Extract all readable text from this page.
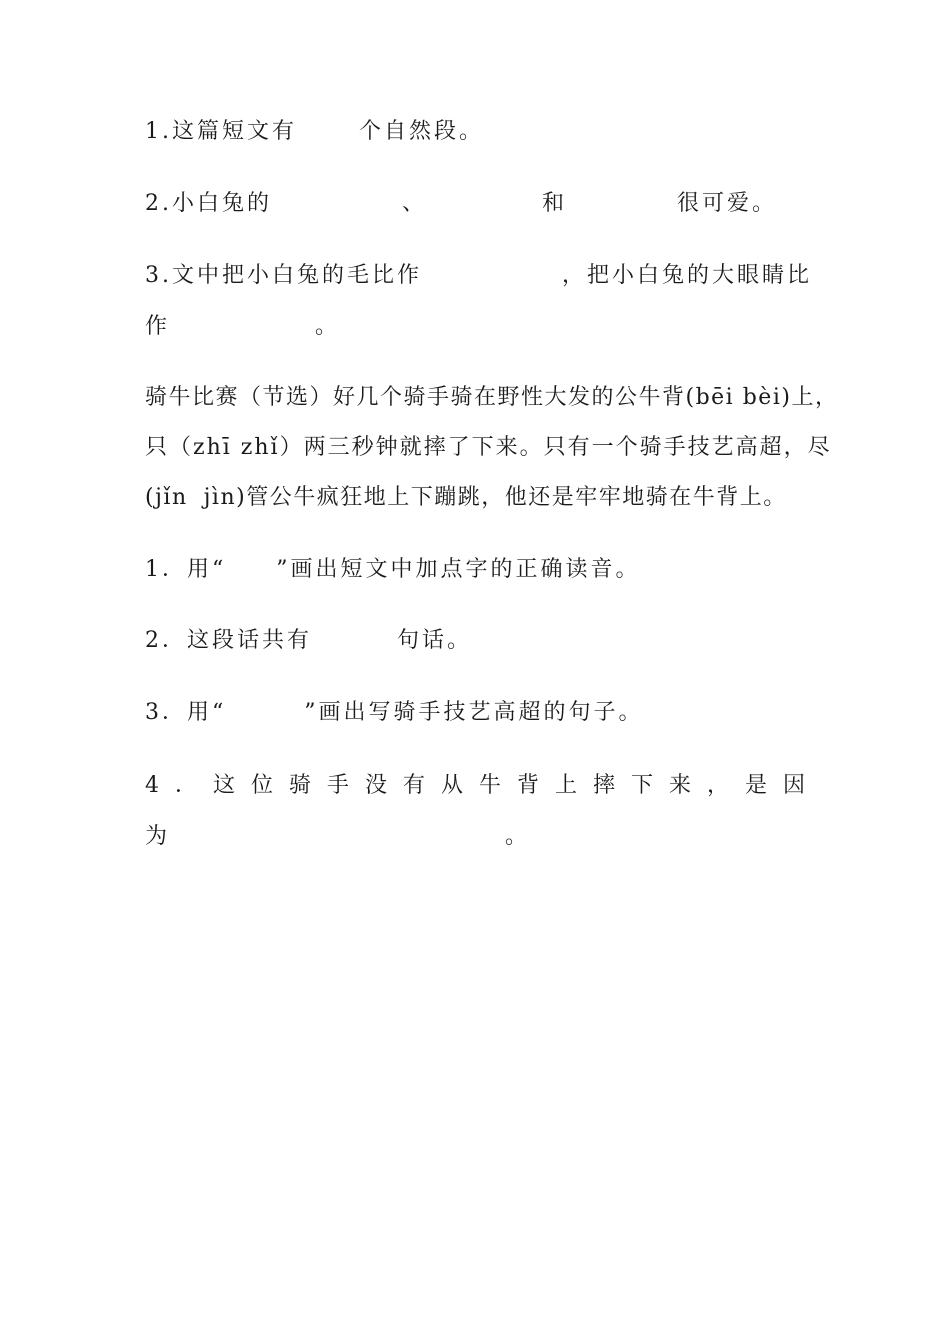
1.这篇短文有	个自然段。
2.小白兔的	、	和	很可爱。
3.文中把小白兔的毛比作	，把小白兔的大眼睛比
作	。
骑牛比赛（节选）好几个骑手骑在野性大发的公牛背(bēi bèi)上，
只（zhī zhǐ）两三秒钟就摔了下来。只有一个骑手技艺高超，尽
(jǐn jìn)管公牛疯狂地上下蹦跳，他还是牢牢地骑在牛背上。
1．用“ ”画出短文中加点字的正确读音。
2．这段话共有	句话。
3．用“	”画出写骑手技艺高超的句子。
4 ． 这 位 骑 手 没 有 从 牛 背 上 摔 下 来 ， 是 因
为	。
